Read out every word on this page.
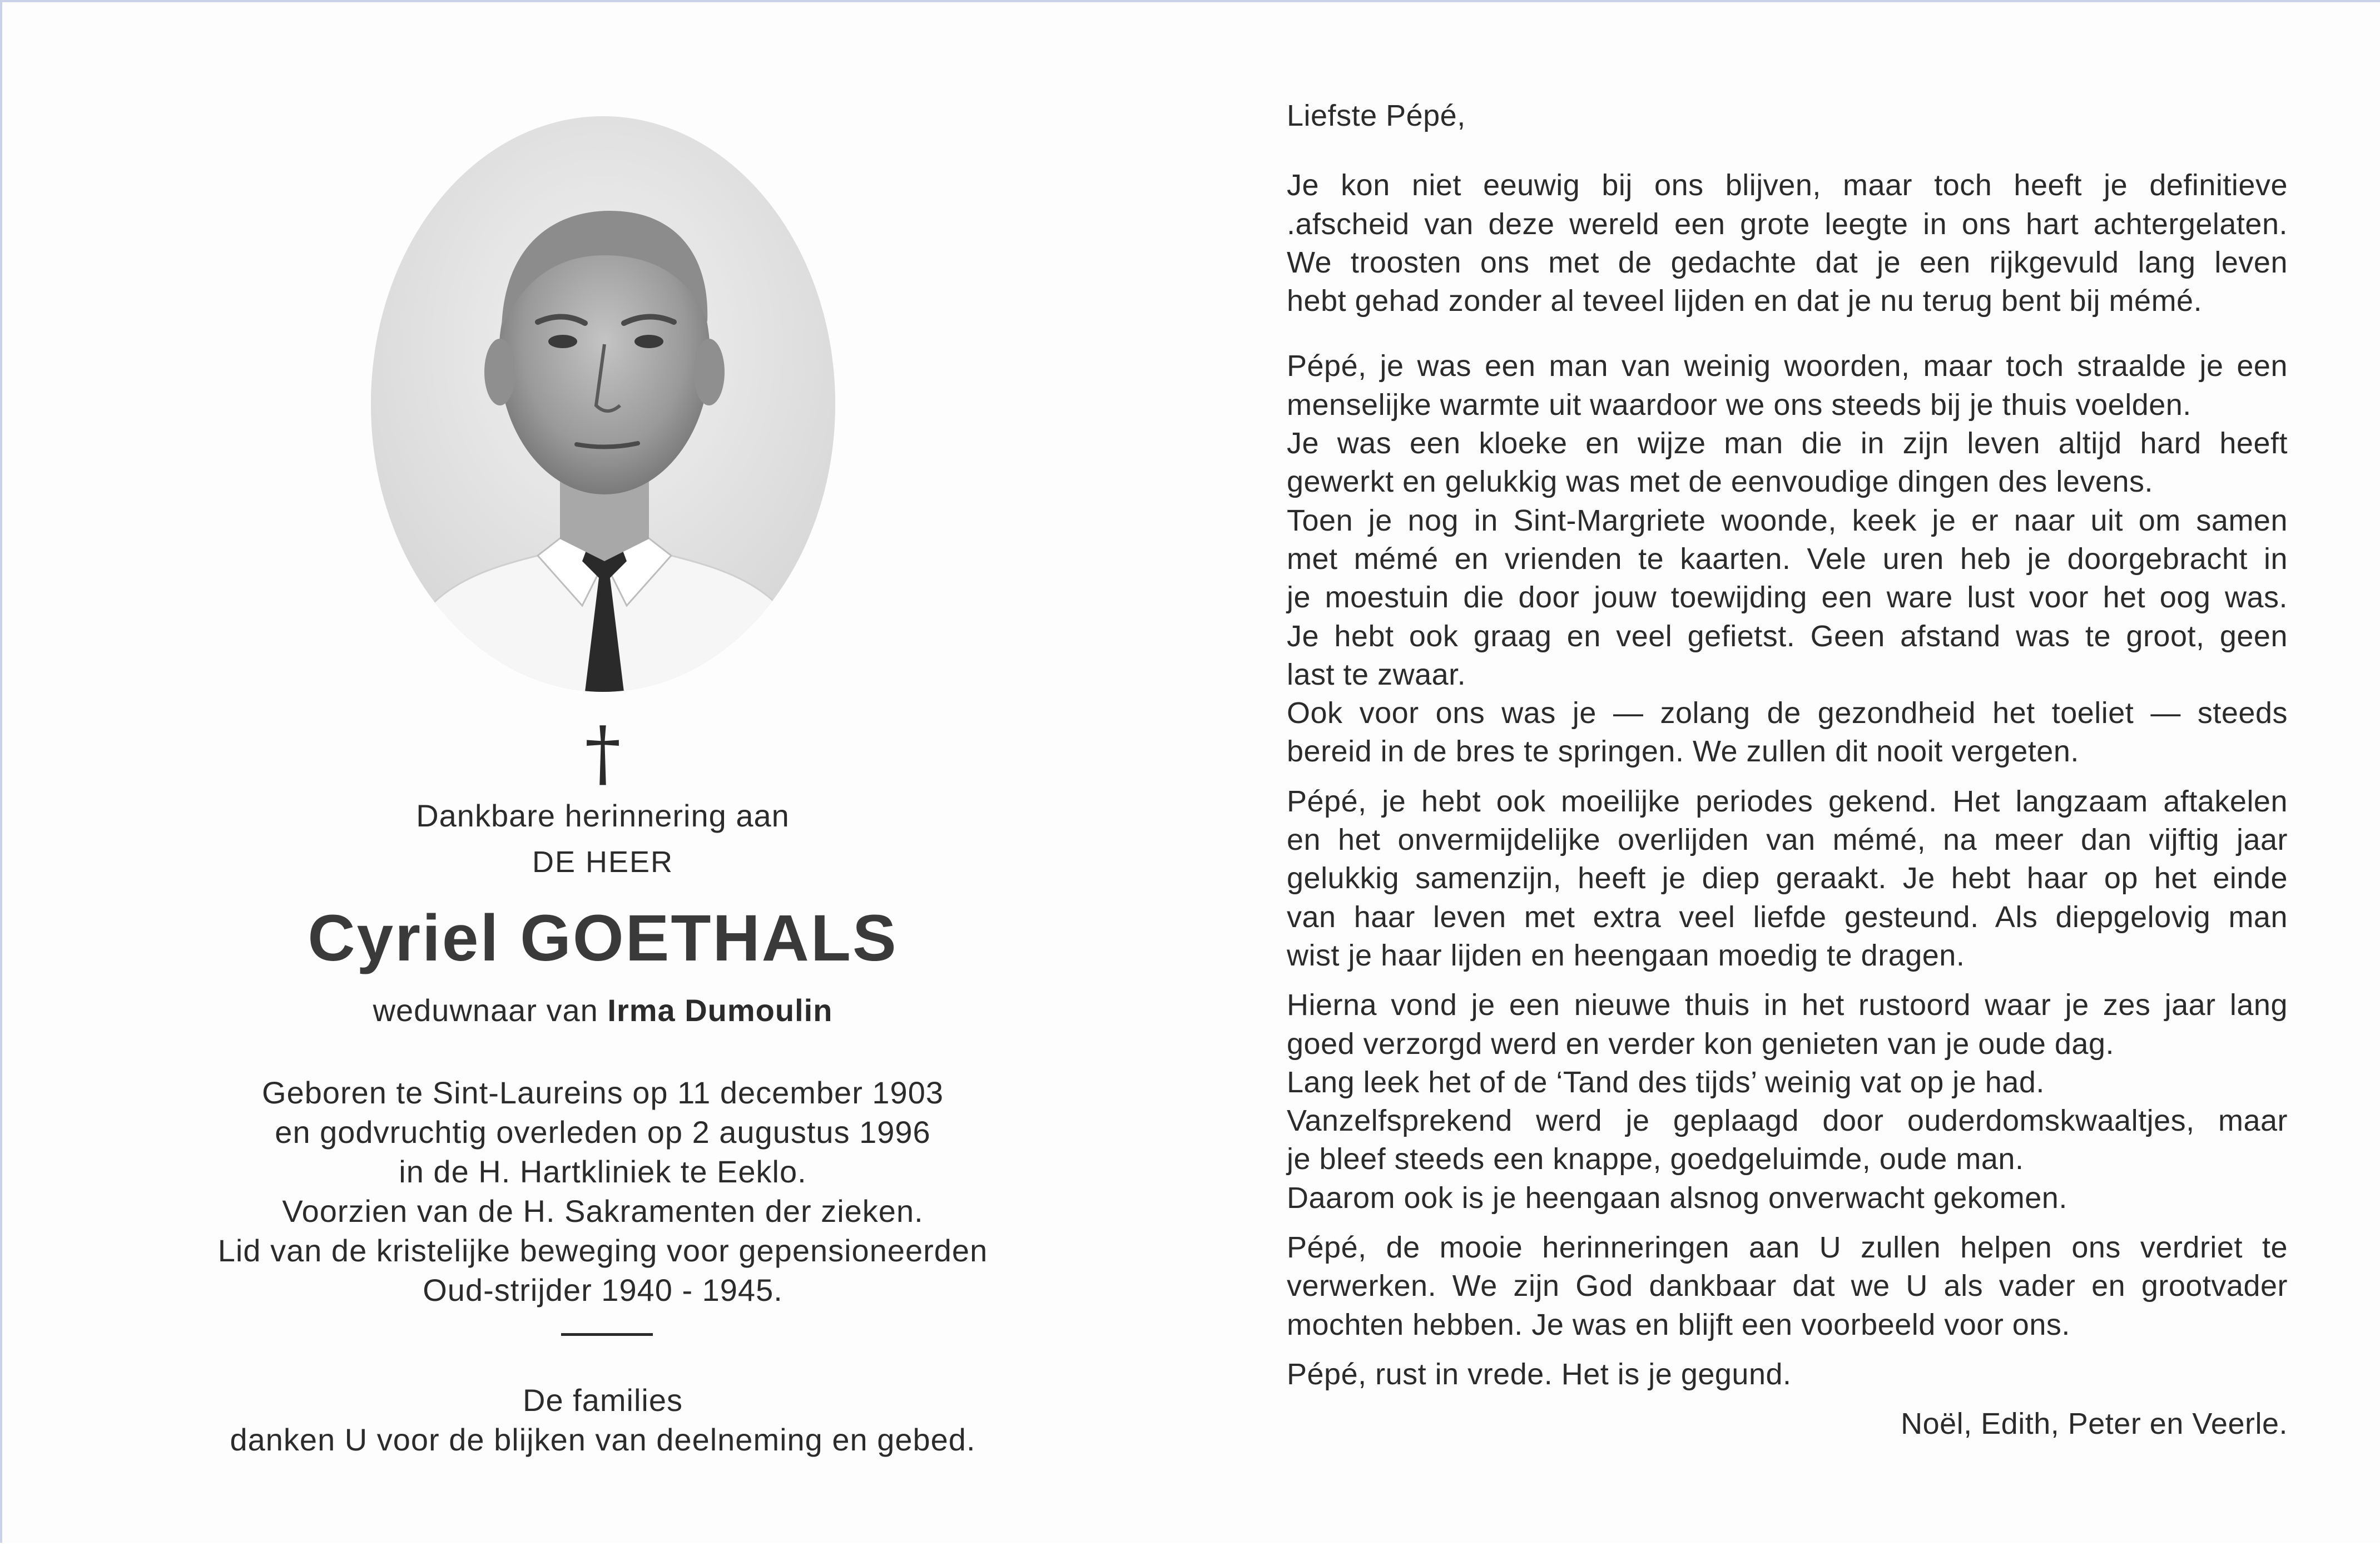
†
Dankbare herinnering aan
DE HEER
Cyriel GOETHALS
weduwnaar van Irma Dumoulin
Geboren te Sint-Laureins op 11 december 1903
en godvruchtig overleden op 2 augustus 1996
in de H. Hartkliniek te Eeklo.
Voorzien van de H. Sakramenten der zieken.
Lid van de kristelijke beweging voor gepensioneerden
Oud-strijder 1940 - 1945.
De families
danken U voor de blijken van deelneming en gebed.
Liefste Pépé,
Je kon niet eeuwig bij ons blijven, maar toch heeft je definitieve
.afscheid van deze wereld een grote leegte in ons hart achtergelaten.
We troosten ons met de gedachte dat je een rijkgevuld lang leven
hebt gehad zonder al teveel lijden en dat je nu terug bent bij mémé.
Pépé, je was een man van weinig woorden, maar toch straalde je een
menselijke warmte uit waardoor we ons steeds bij je thuis voelden.
Je was een kloeke en wijze man die in zijn leven altijd hard heeft
gewerkt en gelukkig was met de eenvoudige dingen des levens.
Toen je nog in Sint-Margriete woonde, keek je er naar uit om samen
met mémé en vrienden te kaarten. Vele uren heb je doorgebracht in
je moestuin die door jouw toewijding een ware lust voor het oog was.
Je hebt ook graag en veel gefietst. Geen afstand was te groot, geen
last te zwaar.
Ook voor ons was je — zolang de gezondheid het toeliet — steeds
bereid in de bres te springen. We zullen dit nooit vergeten.
Pépé, je hebt ook moeilijke periodes gekend. Het langzaam aftakelen
en het onvermijdelijke overlijden van mémé, na meer dan vijftig jaar
gelukkig samenzijn, heeft je diep geraakt. Je hebt haar op het einde
van haar leven met extra veel liefde gesteund. Als diepgelovig man
wist je haar lijden en heengaan moedig te dragen.
Hierna vond je een nieuwe thuis in het rustoord waar je zes jaar lang
goed verzorgd werd en verder kon genieten van je oude dag.
Lang leek het of de ‘Tand des tijds’ weinig vat op je had.
Vanzelfsprekend werd je geplaagd door ouderdomskwaaltjes, maar
je bleef steeds een knappe, goedgeluimde, oude man.
Daarom ook is je heengaan alsnog onverwacht gekomen.
Pépé, de mooie herinneringen aan U zullen helpen ons verdriet te
verwerken. We zijn God dankbaar dat we U als vader en grootvader
mochten hebben. Je was en blijft een voorbeeld voor ons.
Pépé, rust in vrede. Het is je gegund.
Noël, Edith, Peter en Veerle.
